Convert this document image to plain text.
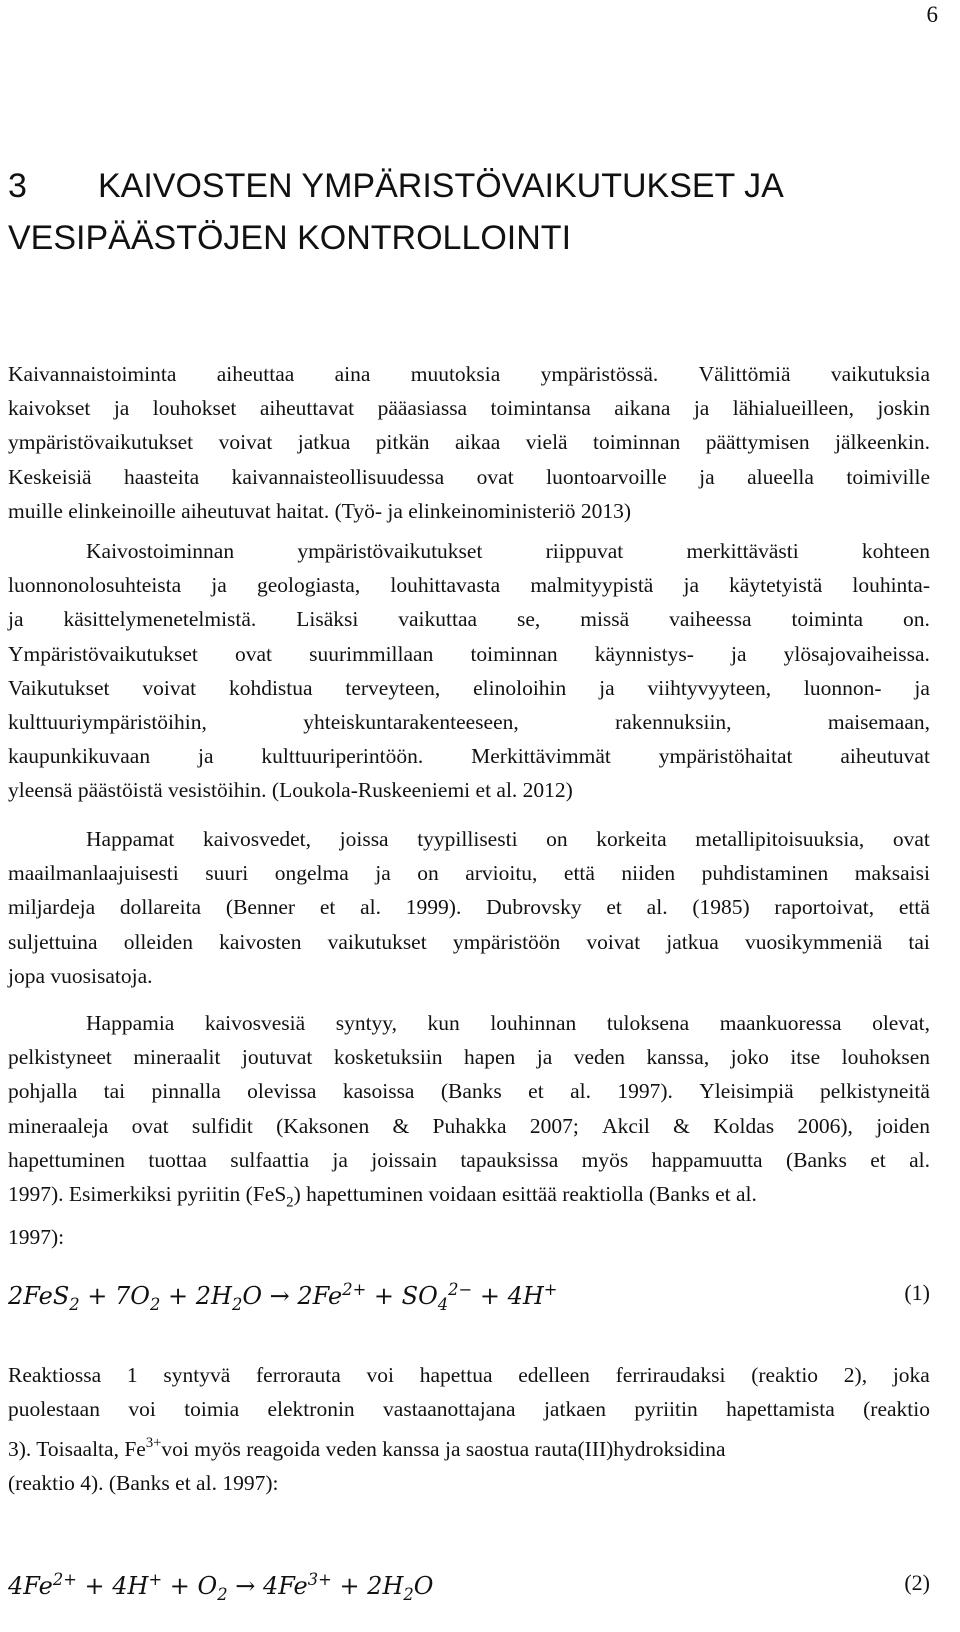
6
3 KAIVOSTEN YMPÄRISTÖVAIKUTUKSET JA
VESIPÄÄSTÖJEN KONTROLLOINTI
Kaivannaistoiminta aiheuttaa aina muutoksia ympäristössä. Välittömiä vaikutuksia
kaivokset ja louhokset aiheuttavat pääasiassa toimintansa aikana ja lähialueilleen, joskin
ympäristövaikutukset voivat jatkua pitkän aikaa vielä toiminnan päättymisen jälkeenkin.
Keskeisiä haasteita kaivannaisteollisuudessa ovat luontoarvoille ja alueella toimiville
muille elinkeinoille aiheutuvat haitat. (Työ- ja elinkeinoministeriö 2013)
Kaivostoiminnan	ympäristövaikutukset	riippuvat	merkittävästi	kohteen
luonnonolosuhteista ja geologiasta, louhittavasta malmityypistä ja käytetyistä louhinta-
ja käsittelymenetelmistä. Lisäksi vaikuttaa se, missä vaiheessa toiminta on.
Ympäristövaikutukset ovat suurimmillaan toiminnan käynnistys- ja ylösajovaiheissa.
Vaikutukset voivat kohdistua terveyteen, elinoloihin ja viihtyvyyteen, luonnon- ja
kulttuuriympäristöihin,	yhteiskuntarakenteeseen,	rakennuksiin,	maisemaan,
kaupunkikuvaan ja kulttuuriperintöön. Merkittävimmät ympäristöhaitat aiheutuvat
yleensä päästöistä vesistöihin. (Loukola-Ruskeeniemi et al. 2012)
Happamat kaivosvedet, joissa tyypillisesti on korkeita metallipitoisuuksia, ovat
maailmanlaajuisesti suuri ongelma ja on arvioitu, että niiden puhdistaminen maksaisi
miljardeja dollareita (Benner et al. 1999). Dubrovsky et al. (1985) raportoivat, että
suljettuina olleiden kaivosten vaikutukset ympäristöön voivat jatkua vuosikymmeniä tai
jopa vuosisatoja.
Happamia kaivosvesiä syntyy, kun louhinnan tuloksena maankuoressa olevat,
pelkistyneet mineraalit joutuvat kosketuksiin hapen ja veden kanssa, joko itse louhoksen
pohjalla tai pinnalla olevissa kasoissa (Banks et al. 1997). Yleisimpiä pelkistyneitä
mineraaleja ovat sulfidit (Kaksonen & Puhakka 2007; Akcil & Koldas 2006), joiden
hapettuminen tuottaa sulfaattia ja joissain tapauksissa myös happamuutta (Banks et al.
1997). Esimerkiksi pyriitin (FeS$_2$) hapettuminen voidaan esittää reaktiolla (Banks et al.
1997):
$2FeS_2 + 7O_2 + 2H_2O \to 2Fe^{2+} + SO_4^{2-} + 4H^+$	(1)
Reaktiossa 1 syntyvä ferrorauta voi hapettua edelleen ferriraudaksi (reaktio 2), joka
puolestaan voi toimia elektronin vastaanottajana jatkaen pyriitin hapettamista (reaktio
3). Toisaalta, $Fe^{3+}voi$ myös reagoida veden kanssa ja saostua rauta(III)hydroksidina
(reaktio 4). (Banks et al. 1997):
$4Fe^{2+} + 4H^+ + O_2 \to 4Fe^{3+} + 2H_2O$	(2)
